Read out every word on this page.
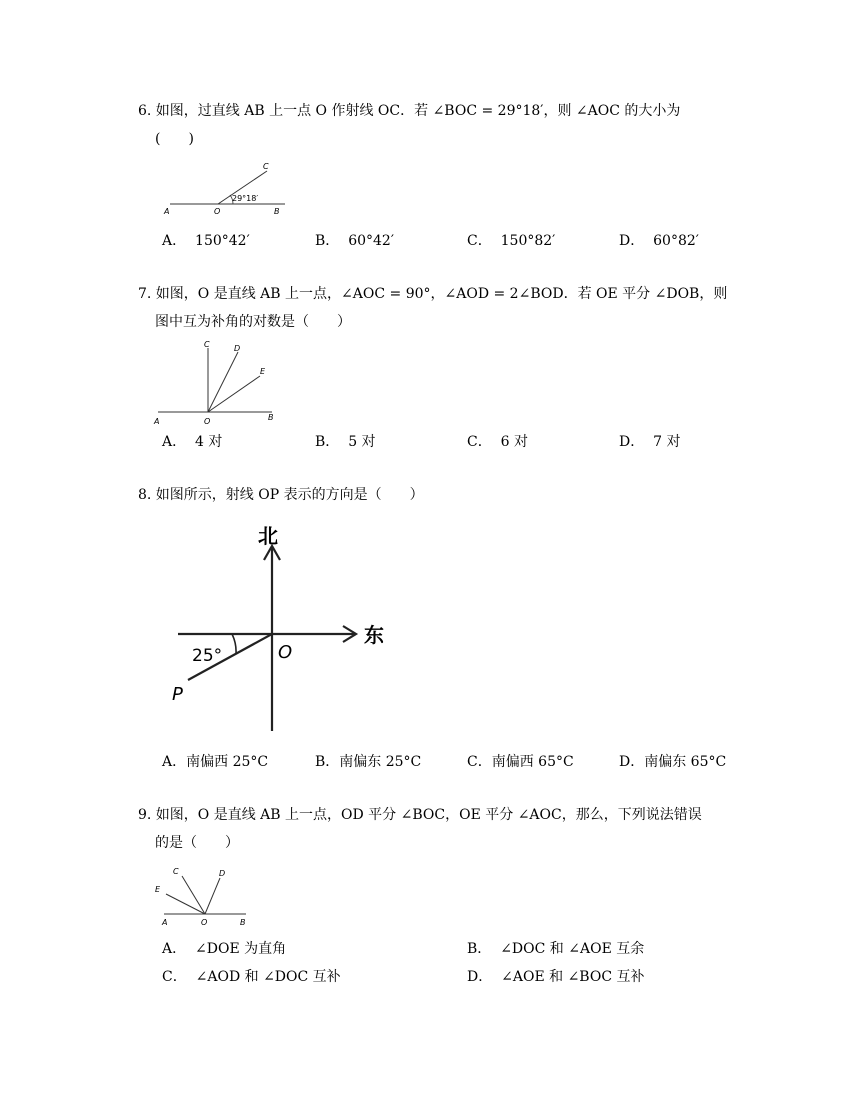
6. 如图，过直线 AB 上一点 O 作射线 OC．若 ∠BOC = 29°18′，则 ∠AOC 的大小为
(　　)
A	O	B
C
29°18′
A． 150°42′	B． 60°42′	C． 150°82′	D． 60°82′
7. 如图，O 是直线 AB 上一点，∠AOC = 90°，∠AOD = 2∠BOD．若 OE 平分 ∠DOB，则
图中互为补角的对数是（　　）
A	O	B
C	D
E
A． 4 对	B． 5 对	C． 6 对	D． 7 对
8. 如图所示，射线 OP 表示的方向是（　　）
北
东
O
P
25°
A．南偏西 25°C	B．南偏东 25°C	C．南偏西 65°C	D．南偏东 65°C
9. 如图，O 是直线 AB 上一点，OD 平分 ∠BOC，OE 平分 ∠AOC，那么，下列说法错误
的是（　　）
A	O	B
C	D
E
A． ∠DOE 为直角	B． ∠DOC 和 ∠AOE 互余
C． ∠AOD 和 ∠DOC 互补	D． ∠AOE 和 ∠BOC 互补
